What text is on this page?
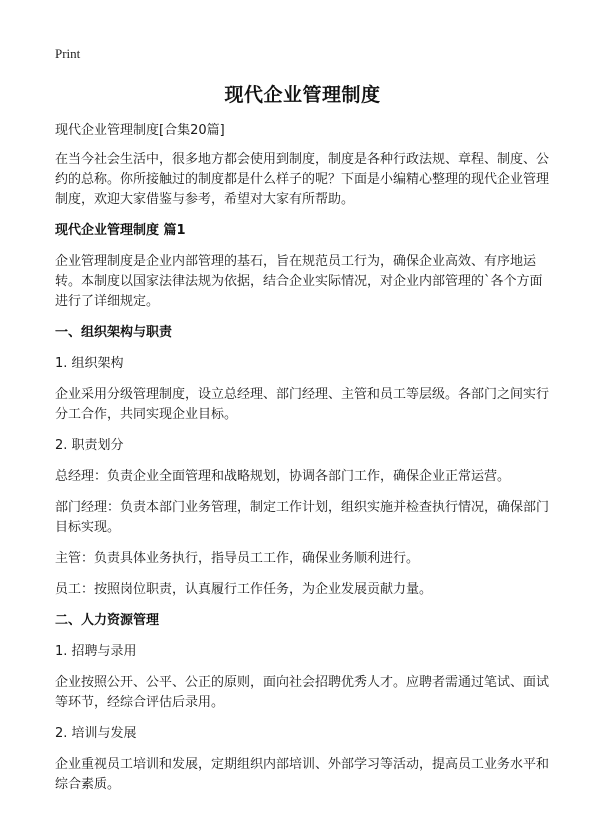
Print
现代企业管理制度
现代企业管理制度[合集20篇]
在当今社会生活中，很多地方都会使用到制度，制度是各种行政法规、章程、制度、公约的总称。你所接触过的制度都是什么样子的呢？下面是小编精心整理的现代企业管理制度，欢迎大家借鉴与参考，希望对大家有所帮助。
现代企业管理制度 篇1
企业管理制度是企业内部管理的基石，旨在规范员工行为，确保企业高效、有序地运转。本制度以国家法律法规为依据，结合企业实际情况，对企业内部管理的`各个方面进行了详细规定。
一、组织架构与职责
1. 组织架构
企业采用分级管理制度，设立总经理、部门经理、主管和员工等层级。各部门之间实行分工合作，共同实现企业目标。
2. 职责划分
总经理：负责企业全面管理和战略规划，协调各部门工作，确保企业正常运营。
部门经理：负责本部门业务管理，制定工作计划，组织实施并检查执行情况，确保部门目标实现。
主管：负责具体业务执行，指导员工工作，确保业务顺利进行。
员工：按照岗位职责，认真履行工作任务，为企业发展贡献力量。
二、人力资源管理
1. 招聘与录用
企业按照公开、公平、公正的原则，面向社会招聘优秀人才。应聘者需通过笔试、面试等环节，经综合评估后录用。
2. 培训与发展
企业重视员工培训和发展，定期组织内部培训、外部学习等活动，提高员工业务水平和综合素质。
